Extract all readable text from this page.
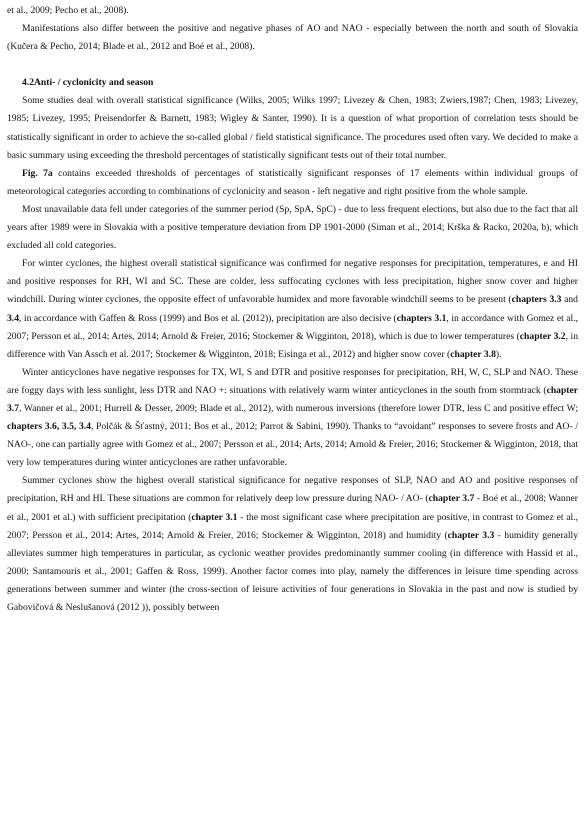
et al., 2009; Pecho et al., 2008).

Manifestations also differ between the positive and negative phases of AO and NAO - especially between the north and south of Slovakia (Kučera & Pecho, 2014; Blade et al., 2012 and Boé et al., 2008).

4.2Anti- / cyclonicity and season

Some studies deal with overall statistical significance (Wilks, 2005; Wilks 1997; Livezey & Chen, 1983; Zwiers,1987; Chen, 1983; Livezey, 1985; Livezey, 1995; Preisendorfer & Barnett, 1983; Wigley & Santer, 1990). It is a question of what proportion of correlation tests should be statistically significant in order to achieve the so-called global / field statistical significance. The procedures used often vary. We decided to make a basic summary using exceeding the threshold percentages of statistically significant tests out of their total number.

Fig. 7a contains exceeded thresholds of percentages of statistically significant responses of 17 elements within individual groups of meteorological categories according to combinations of cyclonicity and season - left negative and right positive from the whole sample.

Most unavailable data fell under categories of the summer period (Sp, SpA, SpC) - due to less frequent elections, but also due to the fact that all years after 1989 were in Slovakia with a positive temperature deviation from DP 1901-2000 (Siman et al., 2014; Krška & Racko, 2020a, b), which excluded all cold categories.

For winter cyclones, the highest overall statistical significance was confirmed for negative responses for precipitation, temperatures, e and HI and positive responses for RH, WI and SC. These are colder, less suffocating cyclones with less precipitation, higher snow cover and higher windchill. During winter cyclones, the opposite effect of unfavorable humidex and more favorable windchill seems to be present (chapters 3.3 and 3.4, in accordance with Gaffen & Ross (1999) and Bos et al. (2012)), precipitation are also decisive (chapters 3.1, in accordance with Gomez et al., 2007; Persson et al., 2014; Artes, 2014; Arnold & Freier, 2016; Stockemer & Wigginton, 2018), which is due to lower temperatures (chapter 3.2, in difference with Van Assch et al. 2017; Stockemer & Wigginton, 2018; Eisinga et al., 2012) and higher snow cover (chapter 3.8).

Winter anticyclones have negative responses for TX, WI, S and DTR and positive responses for precipitation, RH, W, C, SLP and NAO. These are foggy days with less sunlight, less DTR and NAO +: situations with relatively warm winter anticyclones in the south from stormtrack (chapter 3.7, Wanner et al., 2001; Hurrell & Desser, 2009; Blade et al., 2012), with numerous inversions (therefore lower DTR, less C and positive effect W; chapters 3.6, 3.5, 3.4, Polčák & Šťastný, 2011; Bos et al., 2012; Parrot & Sabini, 1990). Thanks to “avoidant” responses to severe frosts and AO- / NAO-, one can partially agree with Gomez et al., 2007; Persson et al., 2014; Arts, 2014; Arnold & Freier, 2016; Stockemer & Wigginton, 2018, that very low temperatures during winter anticyclones are rather unfavorable.

Summer cyclones show the highest overall statistical significance for negative responses of SLP, NAO and AO and positive responses of precipitation, RH and HI. These situations are common for relatively deep low pressure during NAO- / AO- (chapter 3.7 - Boé et al., 2008; Wanner et al., 2001 et al.) with sufficient precipitation (chapter 3.1 - the most significant case where precipitation are positive, in contrast to Gomez et al., 2007; Persson et al., 2014; Artes, 2014; Arnold & Freier, 2016; Stockemer & Wigginton, 2018) and humidity (chapter 3.3 - humidity generally alleviates summer high temperatures in particular, as cyclonic weather provides predominantly summer cooling (in difference with Hassid et al., 2000; Santamouris et al., 2001; Gaffen & Ross, 1999). Another factor comes into play, namely the differences in leisure time spending across generations between summer and winter (the cross-section of leisure activities of four generations in Slovakia in the past and now is studied by Gabovičová & Neslušanová (2012 )), possibly between
